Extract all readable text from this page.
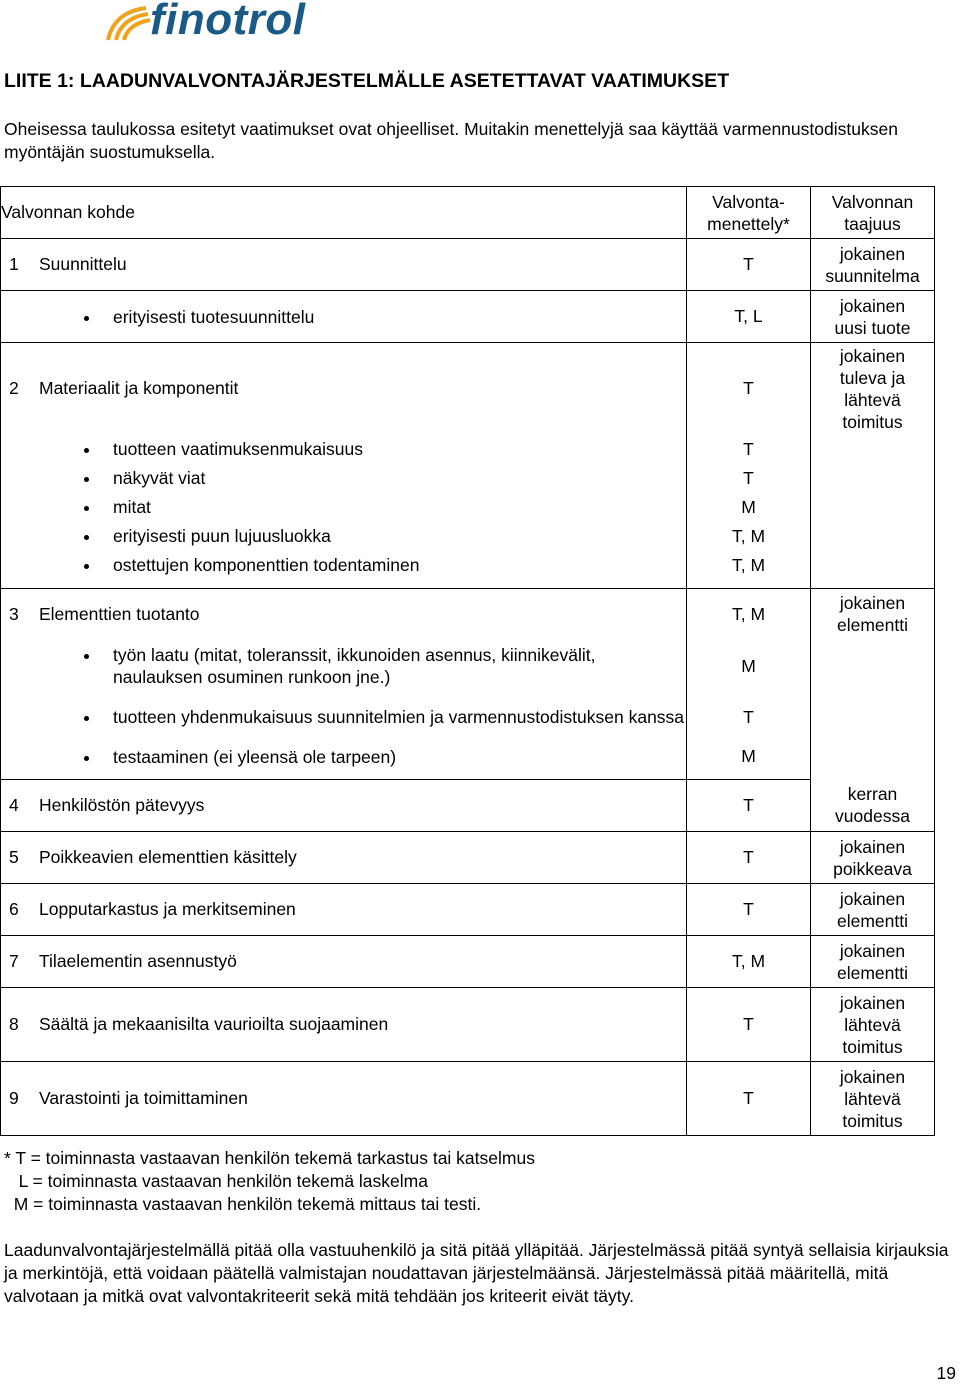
finotrol
LIITE 1: LAADUNVALVONTAJÄRJESTELMÄLLE ASETETTAVAT VAATIMUKSET
Oheisessa taulukossa esitetyt vaatimukset ovat ohjeelliset. Muitakin menettelyjä saa käyttää varmennustodistuksen myöntäjän suostumuksella.
Valvonnan kohde	Valvonta-
menettely*	Valvonnan
taajuus
1 Suunnittelu	T	jokainen
suunnitelma

erityisesti tuotesuunnittelu	T, L	jokainen
uusi tuote
2 Materiaalit ja komponentit	T	jokainen
tuleva ja
lähtevä
toimitus

tuotteen vaatimuksenmukaisuus	T	

näkyvät viat	T	

mitat	M	

erityisesti puun lujuusluokka	T, M	

ostettujen komponenttien todentaminen	T, M	

3 Elementtien tuotanto	T, M	jokainen
elementti

työn laatu (mitat, toleranssit, ikkunoiden asennus, kiinnikevälit, naulauksen osuminen runkoon jne.)	M	

tuotteen yhdenmukaisuus suunnitelmien ja varmennustodistuksen kanssa	T	

testaaminen (ei yleensä ole tarpeen)	M	

4 Henkilöstön pätevyys	T	kerran
vuodessa
5 Poikkeavien elementtien käsittely	T	jokainen
poikkeava
6 Lopputarkastus ja merkitseminen	T	jokainen
elementti
7 Tilaelementin asennustyö	T, M	jokainen
elementti
8 Säältä ja mekaanisilta vaurioilta suojaaminen	T	jokainen
lähtevä
toimitus
9 Varastointi ja toimittaminen	T	jokainen
lähtevä
toimitus
* T = toiminnasta vastaavan henkilön tekemä tarkastus tai katselmus
L = toiminnasta vastaavan henkilön tekemä laskelma
M = toiminnasta vastaavan henkilön tekemä mittaus tai testi.
Laadunvalvontajärjestelmällä pitää olla vastuuhenkilö ja sitä pitää ylläpitää. Järjestelmässä pitää syntyä sellaisia kirjauksia ja merkintöjä, että voidaan päätellä valmistajan noudattavan järjestelmäänsä. Järjestelmässä pitää määritellä, mitä valvotaan ja mitkä ovat valvontakriteerit sekä mitä tehdään jos kriteerit eivät täyty.
19
